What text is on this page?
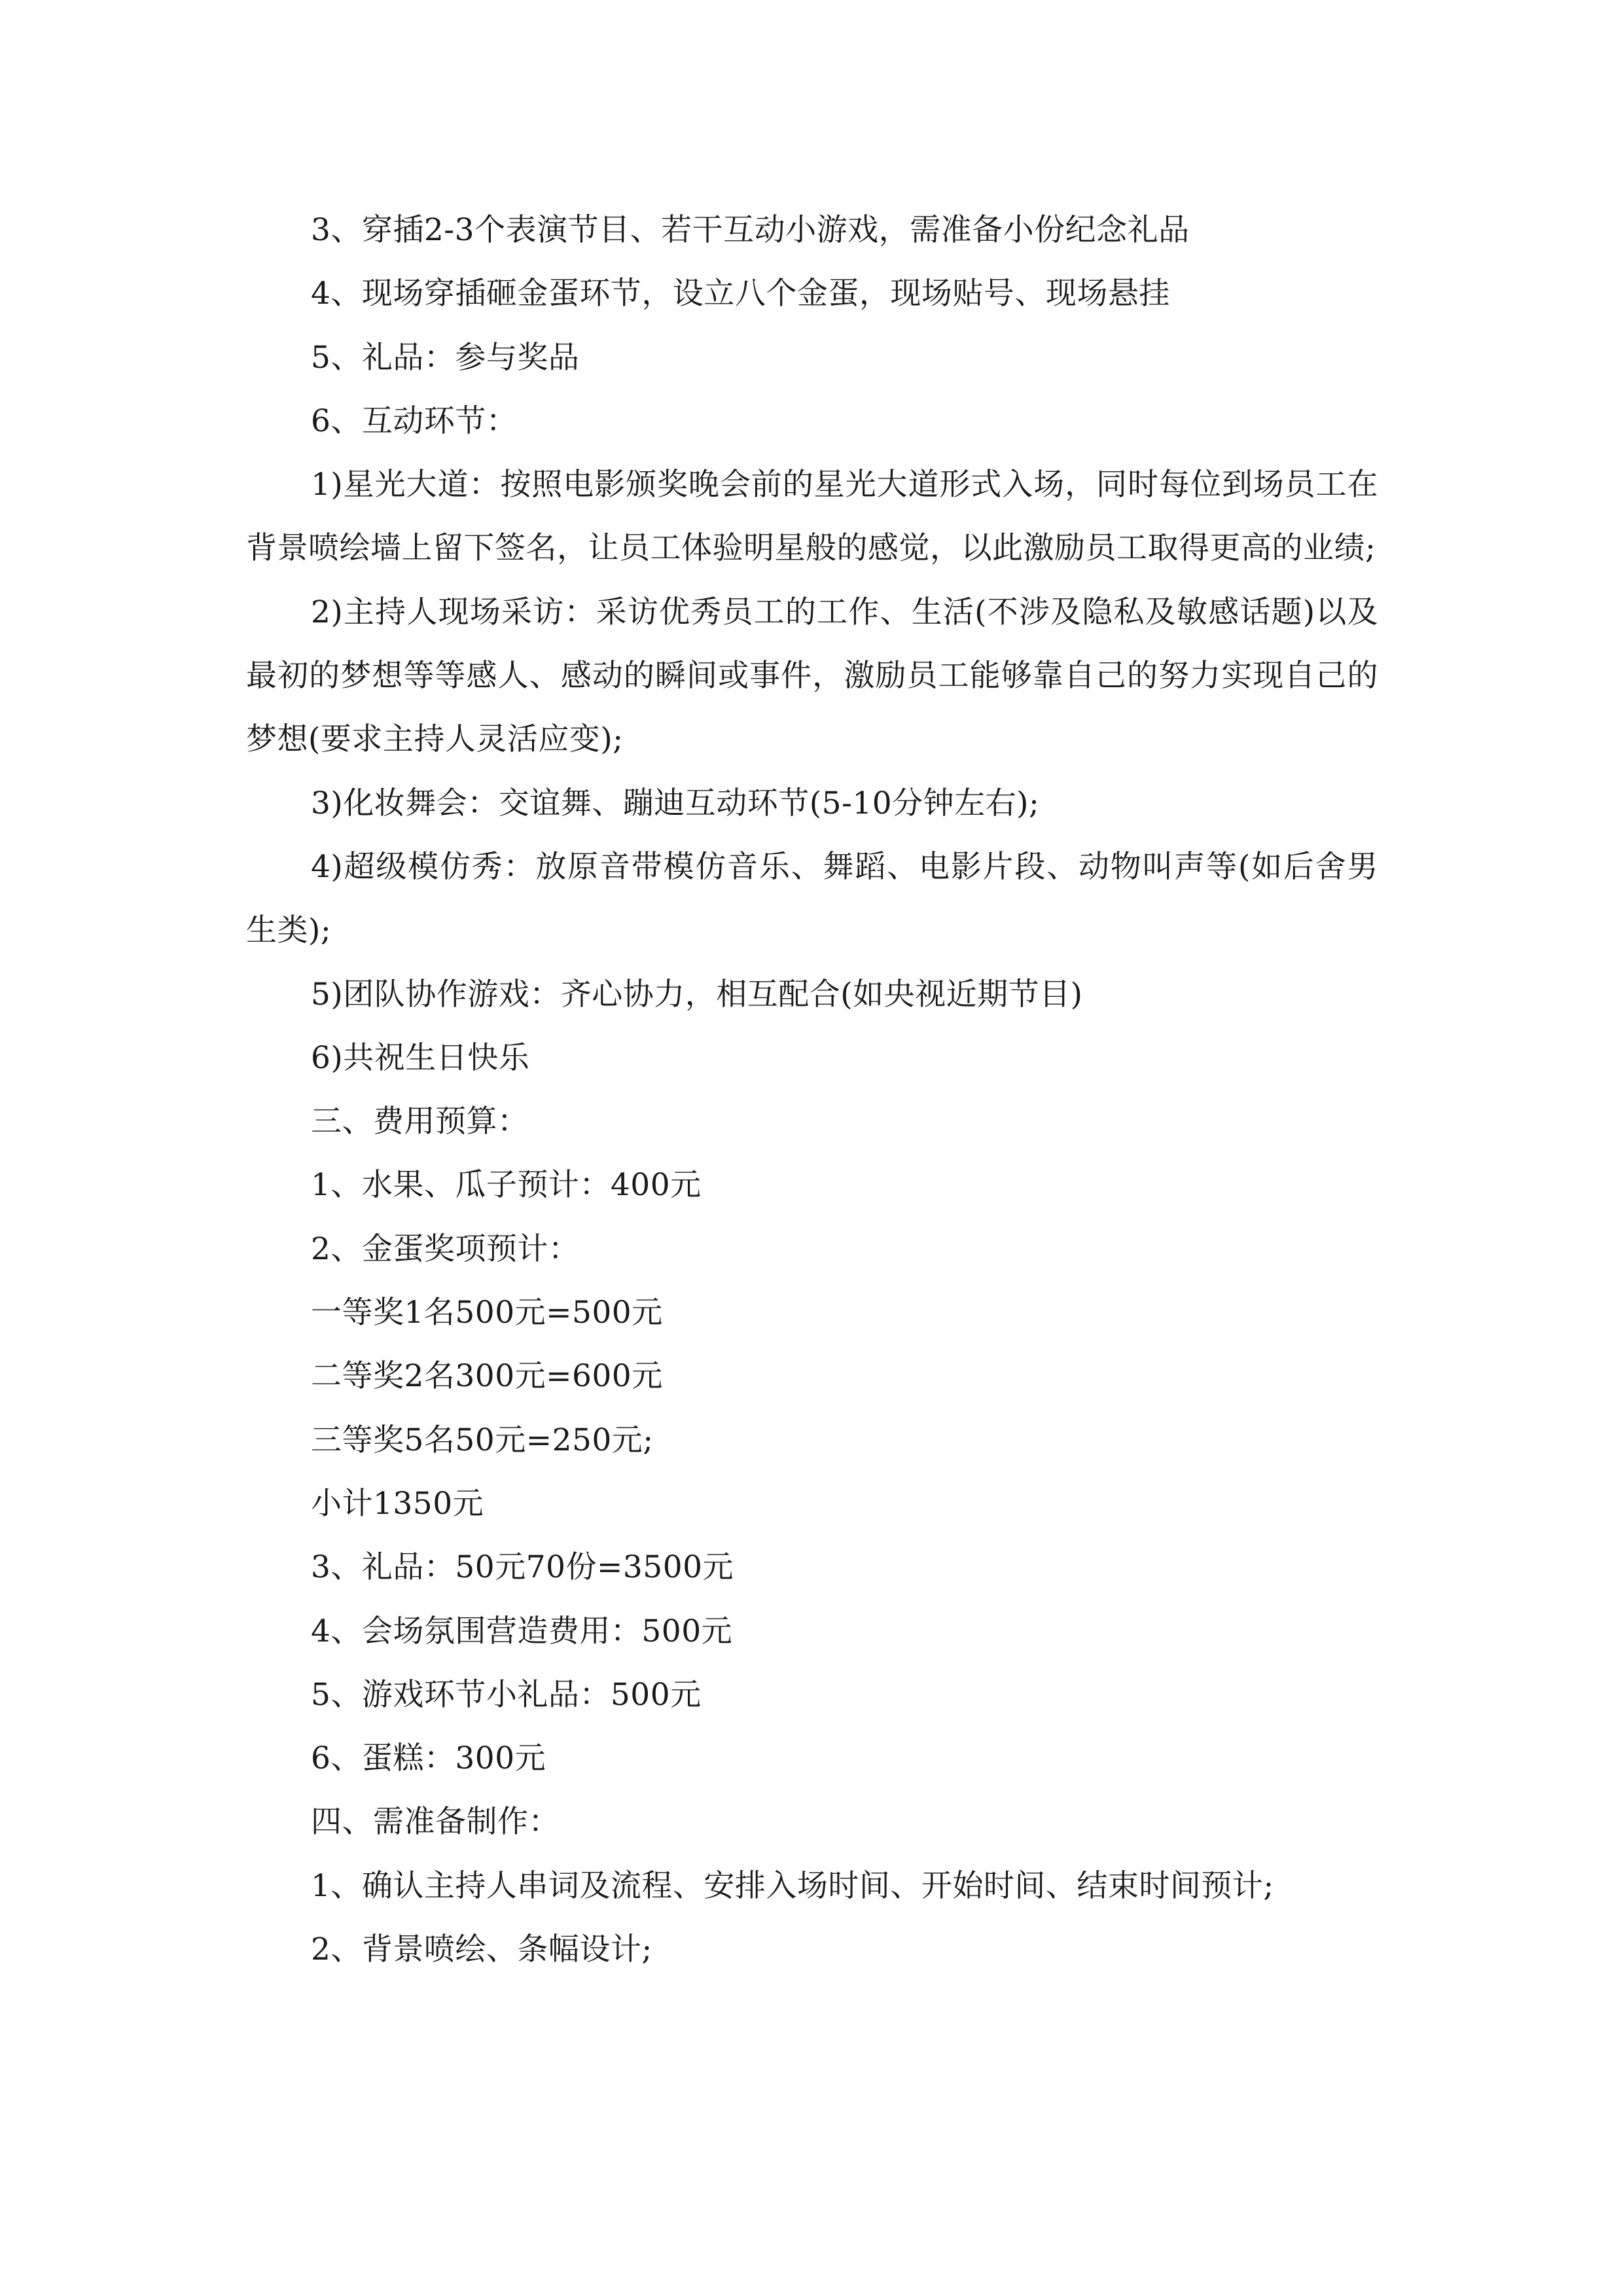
3、穿插2-3个表演节目、若干互动小游戏，需准备小份纪念礼品

4、现场穿插砸金蛋环节，设立八个金蛋，现场贴号、现场悬挂

5、礼品：参与奖品

6、互动环节：

1)星光大道：按照电影颁奖晚会前的星光大道形式入场，同时每位到场员工在背景喷绘墙上留下签名，让员工体验明星般的感觉，以此激励员工取得更高的业绩;

2)主持人现场采访：采访优秀员工的工作、生活(不涉及隐私及敏感话题)以及最初的梦想等等感人、感动的瞬间或事件，激励员工能够靠自己的努力实现自己的梦想(要求主持人灵活应变);

3)化妆舞会：交谊舞、蹦迪互动环节(5-10分钟左右);

4)超级模仿秀：放原音带模仿音乐、舞蹈、电影片段、动物叫声等(如后舍男生类);

5)团队协作游戏：齐心协力，相互配合(如央视近期节目)

6)共祝生日快乐

三、费用预算：

1、水果、瓜子预计：400元

2、金蛋奖项预计：

一等奖1名500元=500元

二等奖2名300元=600元

三等奖5名50元=250元;

小计1350元

3、礼品：50元70份=3500元

4、会场氛围营造费用：500元

5、游戏环节小礼品：500元

6、蛋糕：300元

四、需准备制作：

1、确认主持人串词及流程、安排入场时间、开始时间、结束时间预计;

2、背景喷绘、条幅设计;
